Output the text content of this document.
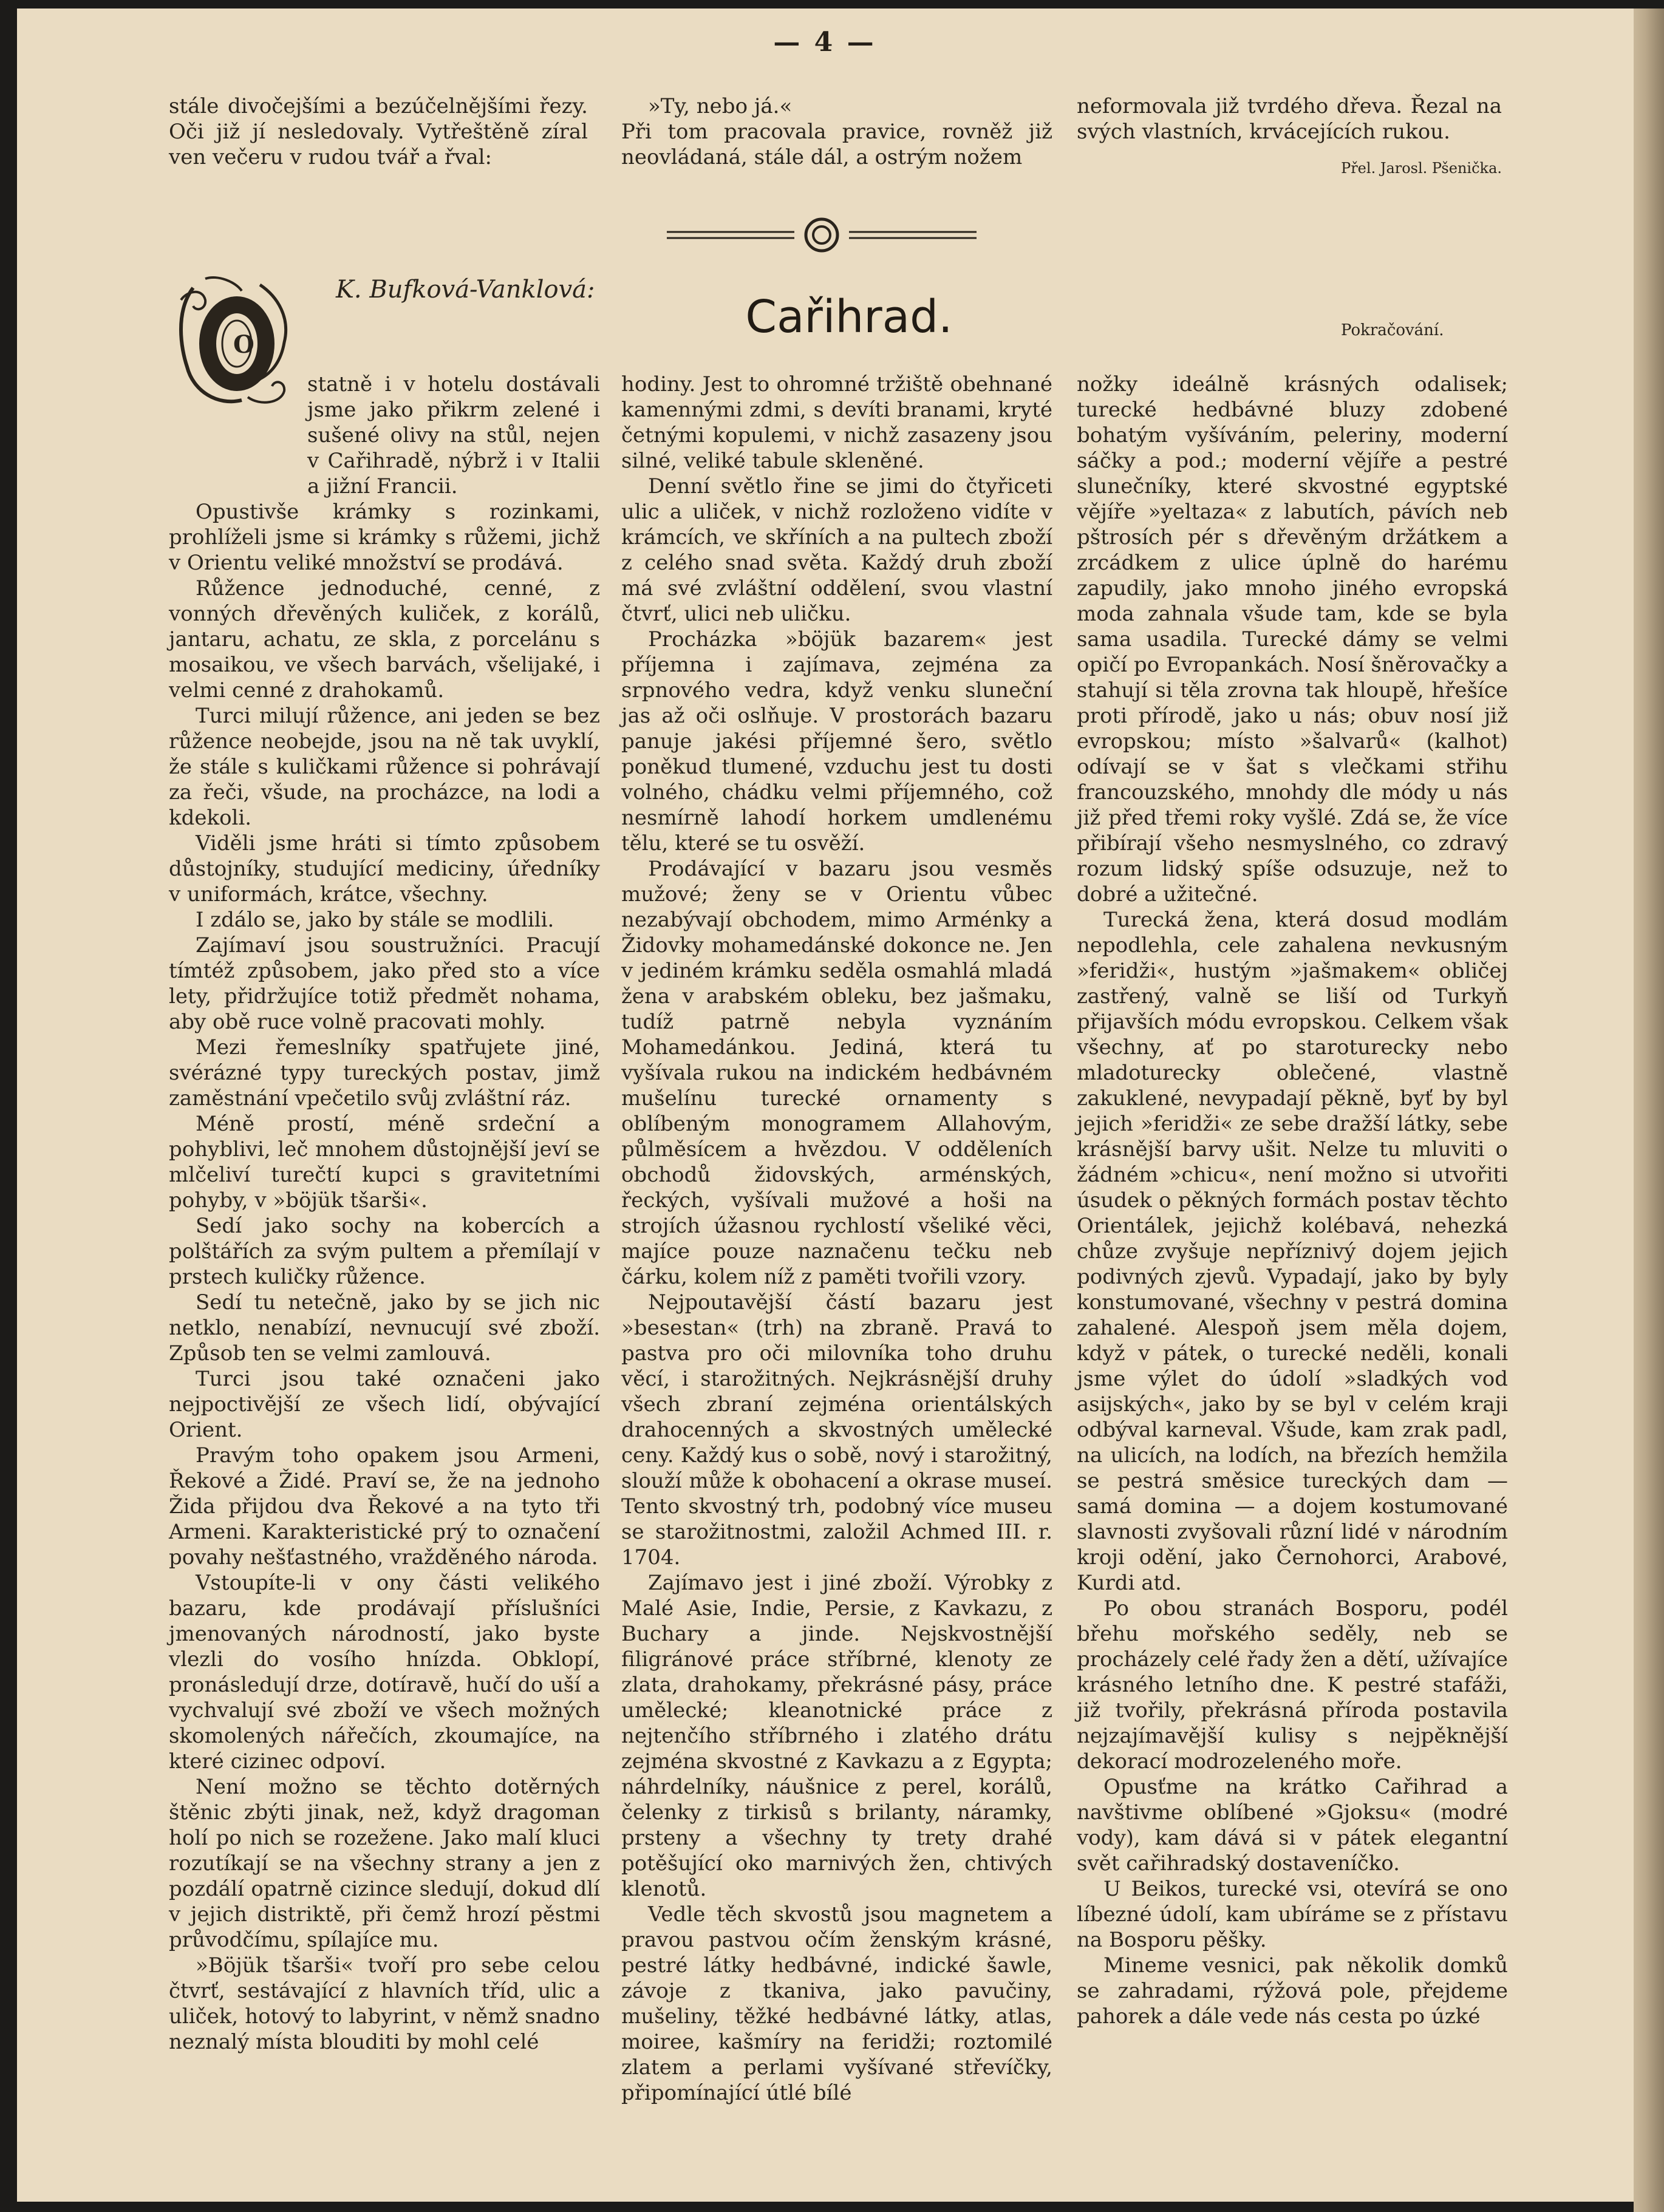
— 4 —

stále divočejšími a bezúčelnějšími řezy. Oči již jí nesledovaly. Vytřeštěně zíral ven večeru v rudou tvář a řval:

»Ty, nebo já.«

Při tom pracovala pravice, rovněž již neovládaná, stále dál, a ostrým nožem

neformovala již tvrdého dřeva. Řezal na svých vlastních, krvácejících rukou.

Přel. Jarosl. Pšenička.
K. Bufková-Vanklová:
Cařihrad.	Pokračování.
O

statně i v hotelu dostávali jsme jako přikrm zelené i sušené olivy na stůl, nejen v Cařihradě, nýbrž i v Italii a jižní Francii.

Opustivše krámky s rozinkami, prohlíželi jsme si krámky s růžemi, jichž v Orientu veliké množství se prodává.

Růžence jednoduché, cenné, z vonných dřevěných kuliček, z korálů, jantaru, achatu, ze skla, z porcelánu s mosaikou, ve všech barvách, všelijaké, i velmi cenné z drahokamů.

Turci milují růžence, ani jeden se bez růžence neobejde, jsou na ně tak uvyklí, že stále s kuličkami růžence si pohrávají za řeči, všude, na procházce, na lodi a kdekoli.

Viděli jsme hráti si tímto způsobem důstojníky, studující mediciny, úředníky v uniformách, krátce, všechny.

I zdálo se, jako by stále se modlili.

Zajímaví jsou soustružníci. Pracují tímtéž způsobem, jako před sto a více lety, přidržujíce totiž předmět nohama, aby obě ruce volně pracovati mohly.

Mezi řemeslníky spatřujete jiné, svérázné typy tureckých postav, jimž zaměstnání vpečetilo svůj zvláštní ráz.

Méně prostí, méně srdeční a pohyblivi, leč mnohem důstojnější jeví se mlčeliví turečtí kupci s gravitetními pohyby, v »böjük tšarši«.

Sedí jako sochy na kobercích a polštářích za svým pultem a přemílají v prstech kuličky růžence.

Sedí tu netečně, jako by se jich nic netklo, nenabízí, nevnucují své zboží. Způsob ten se velmi zamlouvá.

Turci jsou také označeni jako nejpoctivější ze všech lidí, obývající Orient.

Pravým toho opakem jsou Armeni, Řekové a Židé. Praví se, že na jednoho Žida přijdou dva Řekové a na tyto tři Armeni. Karakteristické prý to označení povahy nešťastného, vražděného národa.

Vstoupíte-li v ony části velikého bazaru, kde prodávají příslušníci jmenovaných národností, jako byste vlezli do vosího hnízda. Obklopí, pronásledují drze, dotíravě, hučí do uší a vychvalují své zboží ve všech možných skomolených nářečích, zkoumajíce, na které cizinec odpoví.

Není možno se těchto dotěrných štěnic zbýti jinak, než, když dragoman holí po nich se rozežene. Jako malí kluci rozutíkají se na všechny strany a jen z pozdálí opatrně cizince sledují, dokud dlí v jejich distriktě, při čemž hrozí pěstmi průvodčímu, spílajíce mu.

»Böjük tšarši« tvoří pro sebe celou čtvrť, sestávající z hlavních tříd, ulic a uliček, hotový to labyrint, v němž snadno neznalý místa blouditi by mohl celé

hodiny. Jest to ohromné tržiště obehnané kamennými zdmi, s devíti branami, kryté četnými kopulemi, v nichž zasazeny jsou silné, veliké tabule skleněné.

Denní světlo řine se jimi do čtyřiceti ulic a uliček, v nichž rozloženo vidíte v krámcích, ve skříních a na pultech zboží z celého snad světa. Každý druh zboží má své zvláštní oddělení, svou vlastní čtvrť, ulici neb uličku.

Procházka »böjük bazarem« jest příjemna i zajímava, zejména za srpnového vedra, když venku sluneční jas až oči oslňuje. V prostorách bazaru panuje jakési příjemné šero, světlo poněkud tlumené, vzduchu jest tu dosti volného, chádku velmi příjemného, což nesmírně lahodí horkem umdlenému tělu, které se tu osvěží.

Prodávající v bazaru jsou vesměs mužové; ženy se v Orientu vůbec nezabývají obchodem, mimo Arménky a Židovky mohamedánské dokonce ne. Jen v jediném krámku seděla osmahlá mladá žena v arabském obleku, bez jašmaku, tudíž patrně nebyla vyznáním Mohamedánkou. Jediná, která tu vyšívala rukou na indickém hedbávném mušelínu turecké ornamenty s oblíbeným monogramem Allahovým, půlměsícem a hvězdou. V odděleních obchodů židovských, arménských, řeckých, vyšívali mužové a hoši na strojích úžasnou rychlostí všeliké věci, majíce pouze naznačenu tečku neb čárku, kolem níž z paměti tvořili vzory.

Nejpoutavější částí bazaru jest »besestan« (trh) na zbraně. Pravá to pastva pro oči milovníka toho druhu věcí, i starožitných. Nejkrásnější druhy všech zbraní zejména orientálských drahocenných a skvostných umělecké ceny. Každý kus o sobě, nový i starožitný, slouží může k obohacení a okrase museí. Tento skvostný trh, podobný více museu se starožitnostmi, založil Achmed III. r. 1704.

Zajímavo jest i jiné zboží. Výrobky z Malé Asie, Indie, Persie, z Kavkazu, z Buchary a jinde. Nejskvostnější filigránové práce stříbrné, klenoty ze zlata, drahokamy, překrásné pásy, práce umělecké; kleanotnické práce z nejtenčího stříbrného i zlatého drátu zejména skvostné z Kavkazu a z Egypta; náhrdelníky, náušnice z perel, korálů, čelenky z tirkisů s brilanty, náramky, prsteny a všechny ty trety drahé potěšující oko marnivých žen, chtivých klenotů.

Vedle těch skvostů jsou magnetem a pravou pastvou očím ženským krásné, pestré látky hedbávné, indické šawle, závoje z tkaniva, jako pavučiny, mušeliny, těžké hedbávné látky, atlas, moiree, kašmíry na feridži; roztomilé zlatem a perlami vyšívané střevíčky, připomínající útlé bílé

nožky ideálně krásných odalisek; turecké hedbávné bluzy zdobené bohatým vyšíváním, peleriny, moderní sáčky a pod.; moderní vějíře a pestré slunečníky, které skvostné egyptské vějíře »yeltaza« z labutích, pávích neb pštrosích pér s dřevěným držátkem a zrcádkem z ulice úplně do harému zapudily, jako mnoho jiného evropská moda zahnala všude tam, kde se byla sama usadila. Turecké dámy se velmi opičí po Evropankách. Nosí šněrovačky a stahují si těla zrovna tak hloupě, hřešíce proti přírodě, jako u nás; obuv nosí již evropskou; místo »šalvarů« (kalhot) odívají se v šat s vlečkami střihu francouzského, mnohdy dle módy u nás již před třemi roky vyšlé. Zdá se, že více přibírají všeho nesmyslného, co zdravý rozum lidský spíše odsuzuje, než to dobré a užitečné.

Turecká žena, která dosud modlám nepodlehla, cele zahalena nevkusným »feridži«, hustým »jašmakem« obličej zastřený, valně se liší od Turkyň přijavších módu evropskou. Celkem však všechny, ať po staroturecky nebo mladoturecky oblečené, vlastně zakuklené, nevypadají pěkně, byť by byl jejich »feridži« ze sebe dražší látky, sebe krásnější barvy ušit. Nelze tu mluviti o žádném »chicu«, není možno si utvořiti úsudek o pěkných formách postav těchto Orientálek, jejichž kolébavá, nehezká chůze zvyšuje nepříznivý dojem jejich podivných zjevů. Vypadají, jako by byly konstumované, všechny v pestrá domina zahalené. Alespoň jsem měla dojem, když v pátek, o turecké neděli, konali jsme výlet do údolí »sladkých vod asijských«, jako by se byl v celém kraji odbýval karneval. Všude, kam zrak padl, na ulicích, na lodích, na březích hemžila se pestrá směsice tureckých dam — samá domina — a dojem kostumované slavnosti zvyšovali různí lidé v národním kroji odění, jako Černohorci, Arabové, Kurdi atd.

Po obou stranách Bosporu, podél břehu mořského seděly, neb se procházely celé řady žen a dětí, užívajíce krásného letního dne. K pestré stafáži, již tvořily, překrásná příroda postavila nejzajímavější kulisy s nejpěknější dekorací modrozeleného moře.

Opusťme na krátko Cařihrad a navštivme oblíbené »Gjoksu« (modré vody), kam dává si v pátek elegantní svět cařihradský dostaveníčko.

U Beikos, turecké vsi, otevírá se ono líbezné údolí, kam ubíráme se z přístavu na Bosporu pěšky.

Mineme vesnici, pak několik domků se zahradami, rýžová pole, přejdeme pahorek a dále vede nás cesta po úzké
